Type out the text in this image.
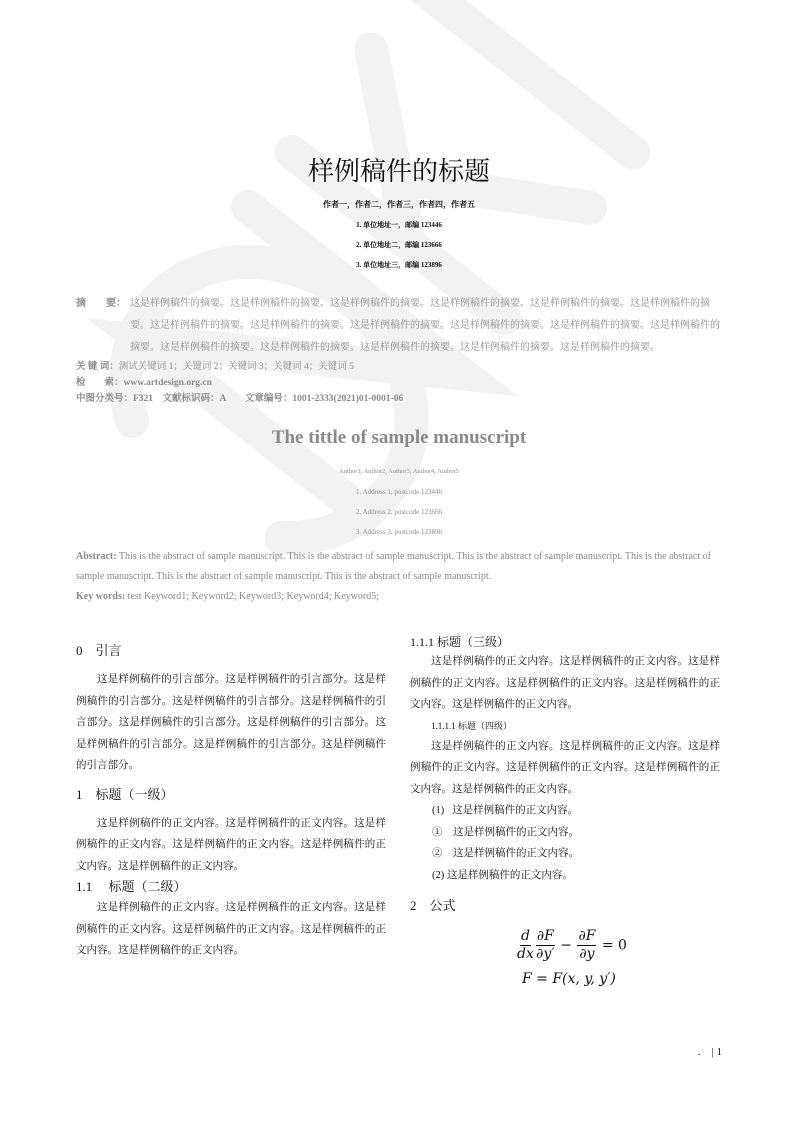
样例稿件的标题
作者一，作者二，作者三，作者四，作者五
1. 单位地址一，邮编 123446
2. 单位地址二，邮编 123666
3. 单位地址三，邮编 123896
摘　　要： 这是样例稿件的摘要。这是样例稿件的摘要。这是样例稿件的摘要。这是样例稿件的摘要。这是样例稿件的摘要。这是样例稿件的摘要。这是样例稿件的摘要。这是样例稿件的摘要。这是样例稿件的摘要。这是样例稿件的摘要。这是样例稿件的摘要。这是样例稿件的摘要。这是样例稿件的摘要。这是样例稿件的摘要。这是样例稿件的摘要。这是样例稿件的摘要。这是样例稿件的摘要。
关 键 词：测试关键词 1；关键词 2；关键词 3；关键词 4；关键词 5
检　　索：www.artdesign.org.cn
中图分类号：F321　文献标识码：A　　文章编号：1001-2333(2021)01-0001-06
The tittle of sample manuscript
Author1, Author2, Author3, Author4, Author5
1. Address 1, postcode 123446
2. Address 2, postcode 123666
3. Address 3, postcode 123896
Abstract: This is the abstract of sample manuscript. This is the abstract of sample manuscript. This is the abstract of sample manuscript. This is the abstract of sample manuscript. This is the abstract of sample manuscript. This is the abstract of sample manuscript.
Key words: test Keyword1; Keyword2; Keyword3; Keyword4; Keyword5;
0　引言
这是样例稿件的引言部分。这是样例稿件的引言部分。这是样例稿件的引言部分。这是样例稿件的引言部分。这是样例稿件的引言部分。这是样例稿件的引言部分。这是样例稿件的引言部分。这是样例稿件的引言部分。这是样例稿件的引言部分。这是样例稿件的引言部分。
1　标题（一级）
这是样例稿件的正文内容。这是样例稿件的正文内容。这是样例稿件的正文内容。这是样例稿件的正文内容。这是样例稿件的正文内容。这是样例稿件的正文内容。
1.1　 标题（二级）
这是样例稿件的正文内容。这是样例稿件的正文内容。这是样例稿件的正文内容。这是样例稿件的正文内容。这是样例稿件的正文内容。这是样例稿件的正文内容。
1.1.1 标题（三级）
这是样例稿件的正文内容。这是样例稿件的正文内容。这是样例稿件的正文内容。这是样例稿件的正文内容。这是样例稿件的正文内容。这是样例稿件的正文内容。
1.1.1.1 标题（四级）
这是样例稿件的正文内容。这是样例稿件的正文内容。这是样例稿件的正文内容。这是样例稿件的正文内容。这是样例稿件的正文内容。这是样例稿件的正文内容。
(1) 这是样例稿件的正文内容。
① 这是样例稿件的正文内容。
② 这是样例稿件的正文内容。
(2) 这是样例稿件的正文内容。
2　公式
$\frac{d}{dx} \frac{\partial F}{\partial y'} - \frac{\partial F}{\partial y} = 0$
F = F(x, y, y′)
.　| 1
